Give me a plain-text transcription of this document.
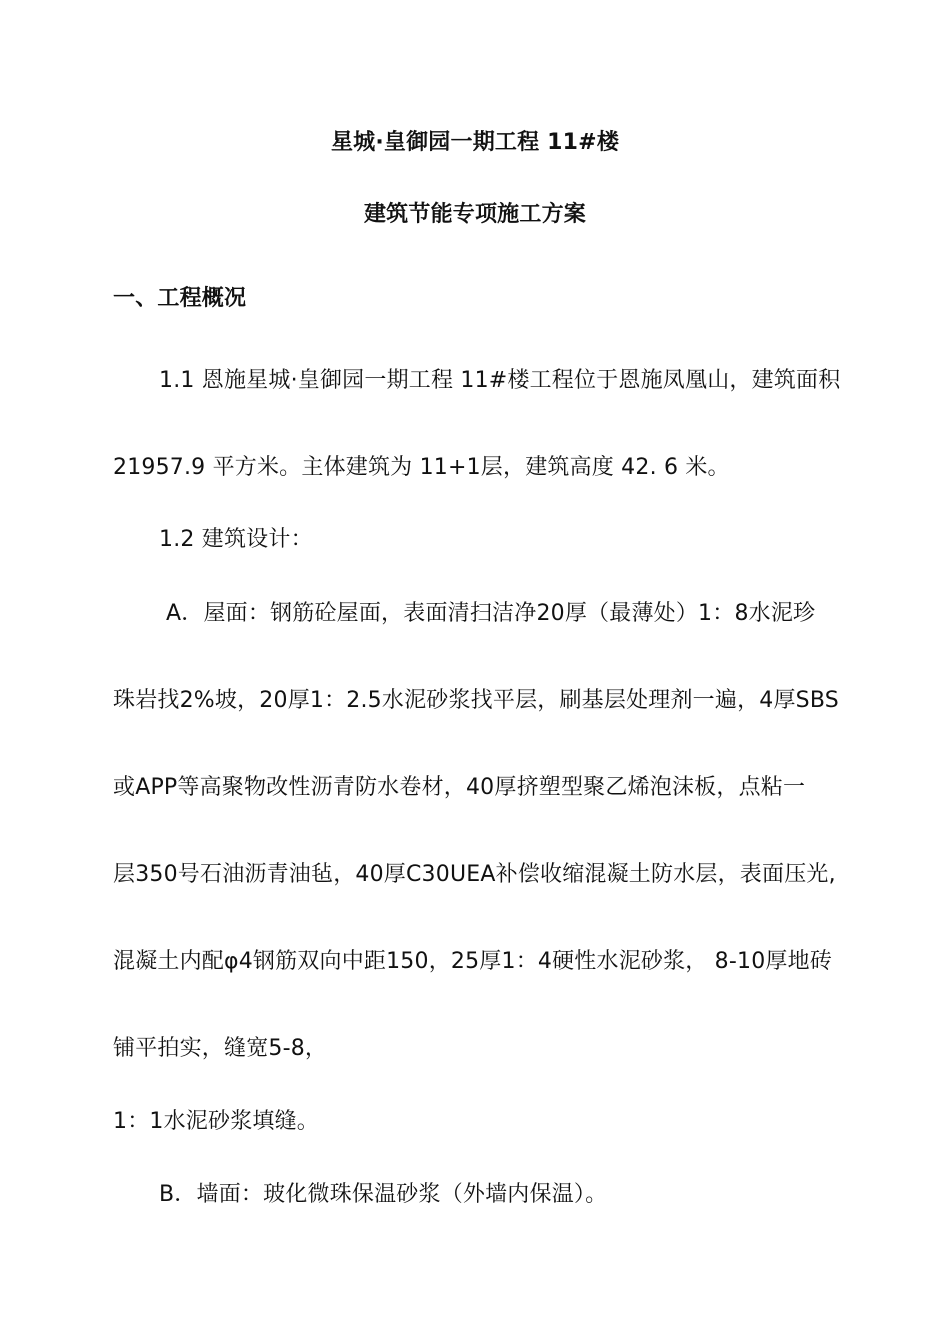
星城·皇御园一期工程 11#楼
建筑节能专项施工方案
一、工程概况
1.1 恩施星城·皇御园一期工程 11#楼工程位于恩施凤凰山，建筑面积
21957.9 平方米。主体建筑为 11+1层，建筑高度 42. 6 米。
1.2 建筑设计：
A．屋面：钢筋砼屋面，表面清扫洁净20厚（最薄处）1：8水泥珍
珠岩找2%坡，20厚1：2.5水泥砂浆找平层，刷基层处理剂一遍，4厚SBS
或APP等高聚物改性沥青防水卷材，40厚挤塑型聚乙烯泡沫板，点粘一
层350号石油沥青油毡，40厚C30UEA补偿收缩混凝土防水层，表面压光,
混凝土内配φ4钢筋双向中距150，25厚1：4硬性水泥砂浆， 8-10厚地砖
铺平拍实，缝宽5-8，
1：1水泥砂浆填缝。
B．墙面：玻化微珠保温砂浆（外墙内保温）。
